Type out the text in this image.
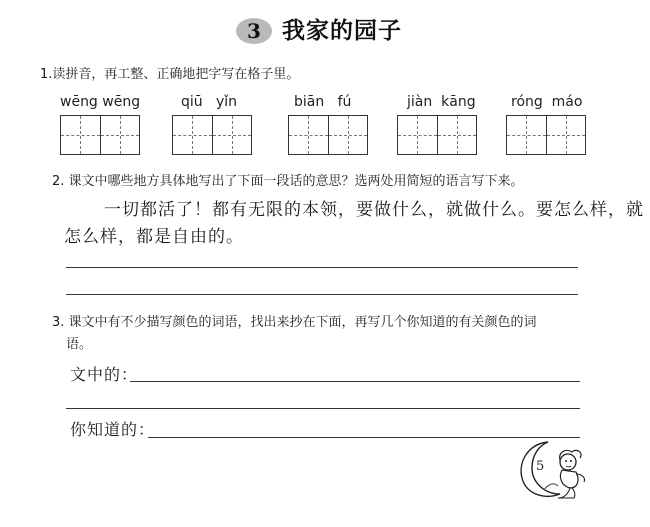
3 我家的园子
1.读拼音，再工整、正确地把字写在格子里。
wēng wēng	qiū   yǐn	biān   fú	jiàn  kāng	róng  máo
2. 课文中哪些地方具体地写出了下面一段话的意思？选两处用简短的语言写下来。
一切都活了！都有无限的本领，要做什么，就做什么。要怎么样，就
怎么样，都是自由的。
3. 课文中有不少描写颜色的词语，找出来抄在下面，再写几个你知道的有关颜色的词
语。
文中的：
你知道的：
5
